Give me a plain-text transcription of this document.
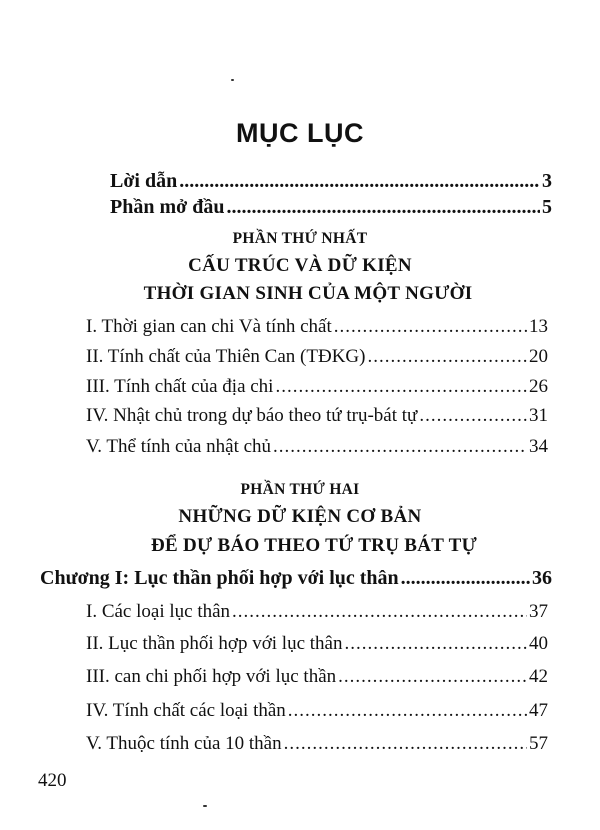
MỤC LỤC
Lời dẫn .....	3
Phần mở đầu .....	5
PHẦN THỨ NHẤT
CẤU TRÚC VÀ DỮ KIỆN
THỜI GIAN SINH CỦA MỘT NGƯỜI
I. Thời gian can chi Và tính chất .....	13
II. Tính chất của Thiên Can (TĐKG) .....	20
III. Tính chất của địa chi .....	26
IV. Nhật chủ trong dự báo theo tứ trụ-bát tự .....	31
V. Thể tính của nhật chủ .....	34
PHẦN THỨ HAI
NHỮNG DỮ KIỆN CƠ BẢN
ĐỂ DỰ BÁO THEO TỨ TRỤ BÁT TỰ
Chương I: Lục thần phối hợp với lục thân .....	36
I. Các loại lục thân .....	37
II. Lục thần phối hợp với lục thân .....	40
III. can chi phối hợp với lục thần .....	42
IV. Tính chất các loại thần .....	47
V. Thuộc tính của 10 thần .....	57
420
